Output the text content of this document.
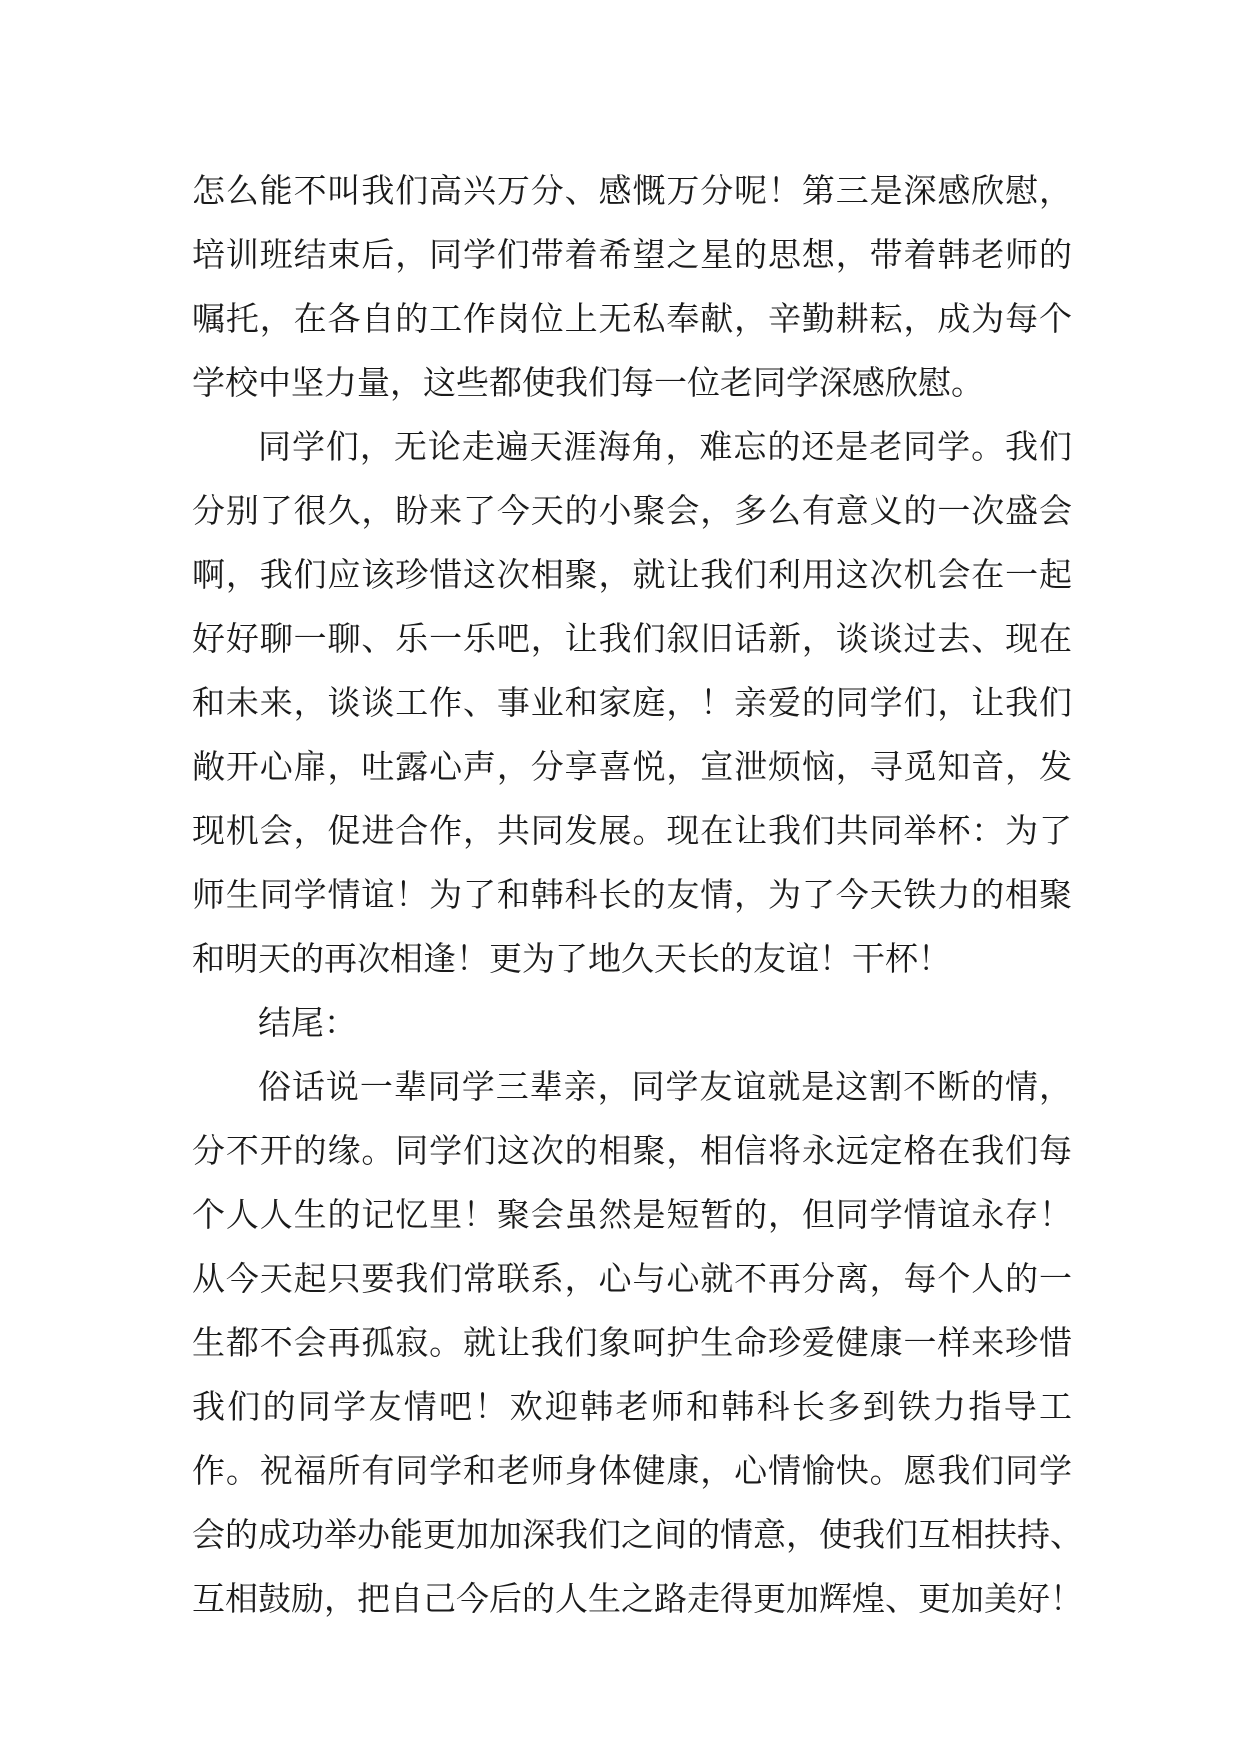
怎么能不叫我们高兴万分、感慨万分呢！第三是深感欣慰，
培训班结束后，同学们带着希望之星的思想，带着韩老师的
嘱托，在各自的工作岗位上无私奉献，辛勤耕耘，成为每个
学校中坚力量，这些都使我们每一位老同学深感欣慰。
同学们，无论走遍天涯海角，难忘的还是老同学。我们
分别了很久，盼来了今天的小聚会，多么有意义的一次盛会
啊，我们应该珍惜这次相聚，就让我们利用这次机会在一起
好好聊一聊、乐一乐吧，让我们叙旧话新，谈谈过去、现在
和未来，谈谈工作、事业和家庭，！亲爱的同学们，让我们
敞开心扉，吐露心声，分享喜悦，宣泄烦恼，寻觅知音，发
现机会，促进合作，共同发展。现在让我们共同举杯：为了
师生同学情谊！为了和韩科长的友情，为了今天铁力的相聚
和明天的再次相逢！更为了地久天长的友谊！干杯！
结尾：
俗话说一辈同学三辈亲，同学友谊就是这割不断的情，
分不开的缘。同学们这次的相聚，相信将永远定格在我们每
个人人生的记忆里！聚会虽然是短暂的，但同学情谊永存！
从今天起只要我们常联系，心与心就不再分离，每个人的一
生都不会再孤寂。就让我们象呵护生命珍爱健康一样来珍惜
我们的同学友情吧！欢迎韩老师和韩科长多到铁力指导工
作。祝福所有同学和老师身体健康，心情愉快。愿我们同学
会的成功举办能更加加深我们之间的情意，使我们互相扶持、
互相鼓励，把自己今后的人生之路走得更加辉煌、更加美好！
